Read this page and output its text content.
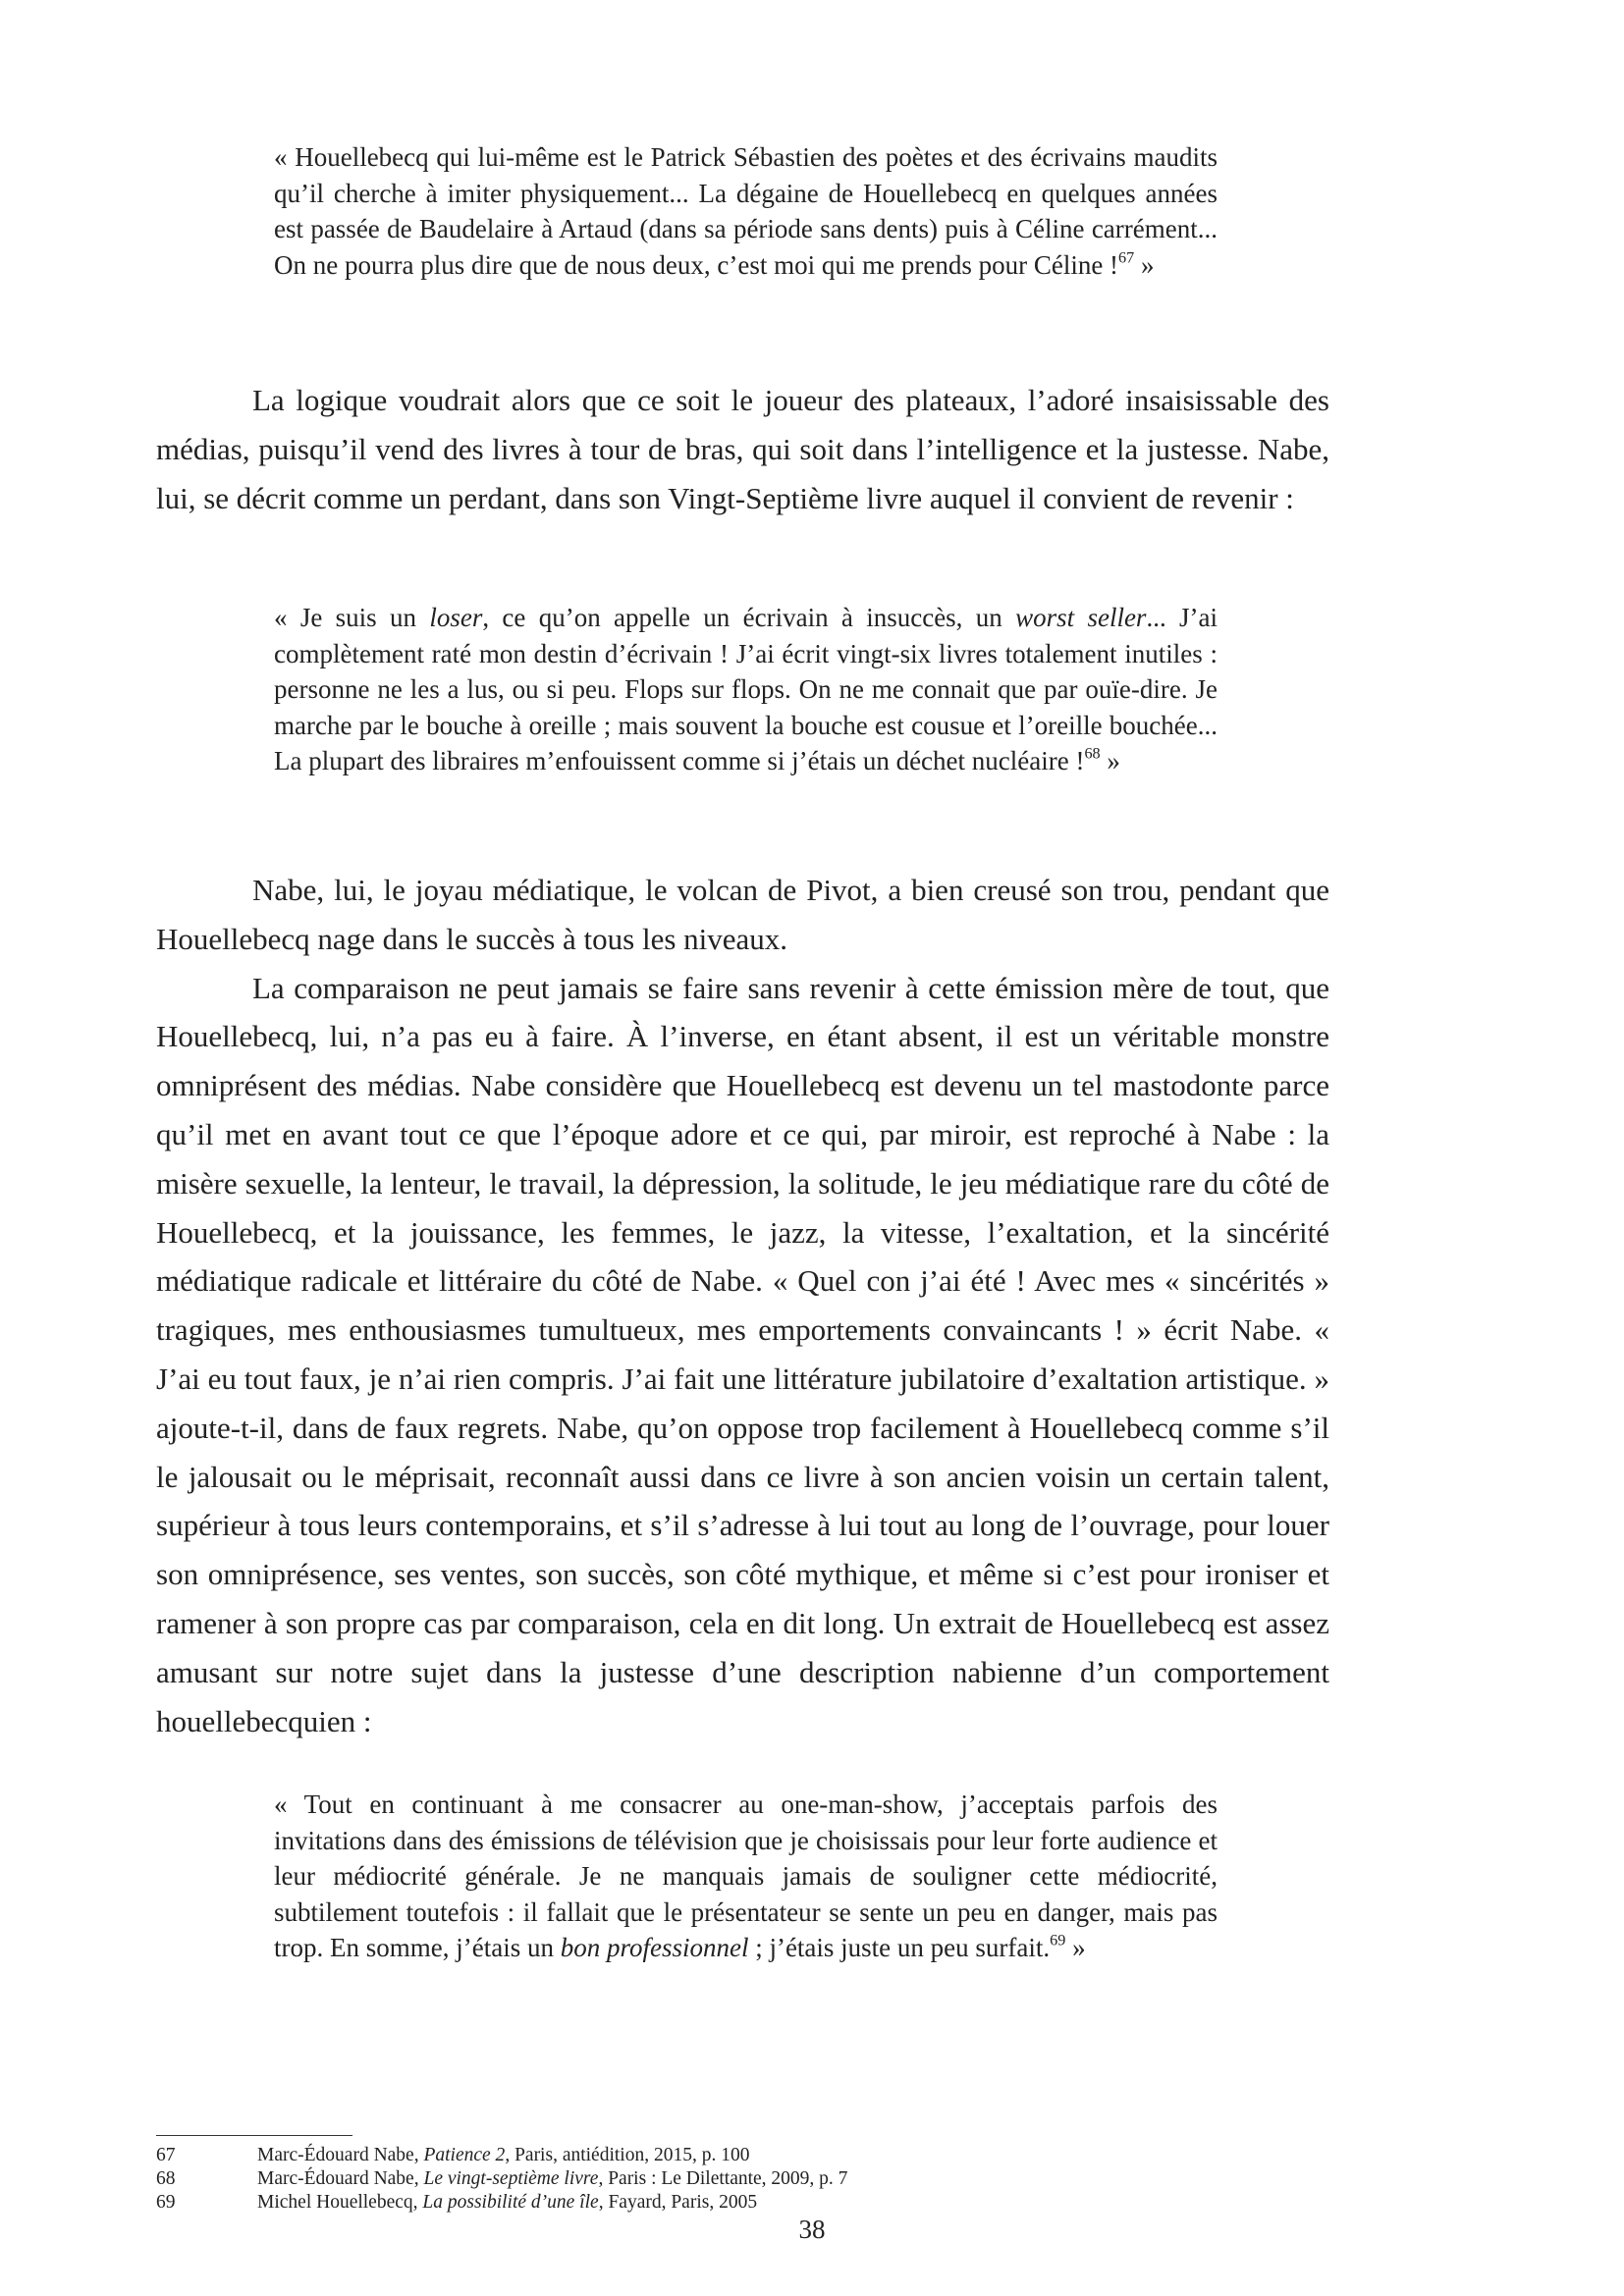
« Houellebecq qui lui-même est le Patrick Sébastien des poètes et des écrivains maudits qu’il cherche à imiter physiquement... La dégaine de Houellebecq en quelques années est passée de Baudelaire à Artaud (dans sa période sans dents) puis à Céline carrément... On ne pourra plus dire que de nous deux, c’est moi qui me prends pour Céline !$^{67}$ »

La logique voudrait alors que ce soit le joueur des plateaux, l’adoré insaisissable des médias, puisqu’il vend des livres à tour de bras, qui soit dans l’intelligence et la justesse. Nabe, lui, se décrit comme un perdant, dans son Vingt-Septième livre auquel il convient de revenir :

« Je suis un loser, ce qu’on appelle un écrivain à insuccès, un worst seller... J’ai complètement raté mon destin d’écrivain ! J’ai écrit vingt-six livres totalement inutiles : personne ne les a lus, ou si peu. Flops sur flops. On ne me connait que par ouïe-dire. Je marche par le bouche à oreille ; mais souvent la bouche est cousue et l’oreille bouchée... La plupart des libraires m’enfouissent comme si j’étais un déchet nucléaire !$^{68}$ »

Nabe, lui, le joyau médiatique, le volcan de Pivot, a bien creusé son trou, pendant que Houellebecq nage dans le succès à tous les niveaux.

La comparaison ne peut jamais se faire sans revenir à cette émission mère de tout, que Houellebecq, lui, n’a pas eu à faire. À l’inverse, en étant absent, il est un véritable monstre omniprésent des médias. Nabe considère que Houellebecq est devenu un tel mastodonte parce qu’il met en avant tout ce que l’époque adore et ce qui, par miroir, est reproché à Nabe : la misère sexuelle, la lenteur, le travail, la dépression, la solitude, le jeu médiatique rare du côté de Houellebecq, et la jouissance, les femmes, le jazz, la vitesse, l’exaltation, et la sincérité médiatique radicale et littéraire du côté de Nabe. « Quel con j’ai été ! Avec mes « sincérités » tragiques, mes enthousiasmes tumultueux, mes emportements convaincants ! » écrit Nabe. « J’ai eu tout faux, je n’ai rien compris. J’ai fait une littérature jubilatoire d’exaltation artistique. » ajoute-t-il, dans de faux regrets. Nabe, qu’on oppose trop facilement à Houellebecq comme s’il le jalousait ou le méprisait, reconnaît aussi dans ce livre à son ancien voisin un certain talent, supérieur à tous leurs contemporains, et s’il s’adresse à lui tout au long de l’ouvrage, pour louer son omniprésence, ses ventes, son succès, son côté mythique, et même si c’est pour ironiser et ramener à son propre cas par comparaison, cela en dit long. Un extrait de Houellebecq est assez amusant sur notre sujet dans la justesse d’une description nabienne d’un comportement houellebecquien :

« Tout en continuant à me consacrer au one-man-show, j’acceptais parfois des invitations dans des émissions de télévision que je choisissais pour leur forte audience et leur médiocrité générale. Je ne manquais jamais de souligner cette médiocrité, subtilement toutefois : il fallait que le présentateur se sente un peu en danger, mais pas trop. En somme, j’étais un bon professionnel ; j’étais juste un peu surfait.$^{69}$ »
67	Marc-Édouard Nabe, Patience 2, Paris, antiédition, 2015, p. 100
68	Marc-Édouard Nabe, Le vingt-septième livre, Paris : Le Dilettante, 2009, p. 7
69	Michel Houellebecq, La possibilité d’une île, Fayard, Paris, 2005
38
